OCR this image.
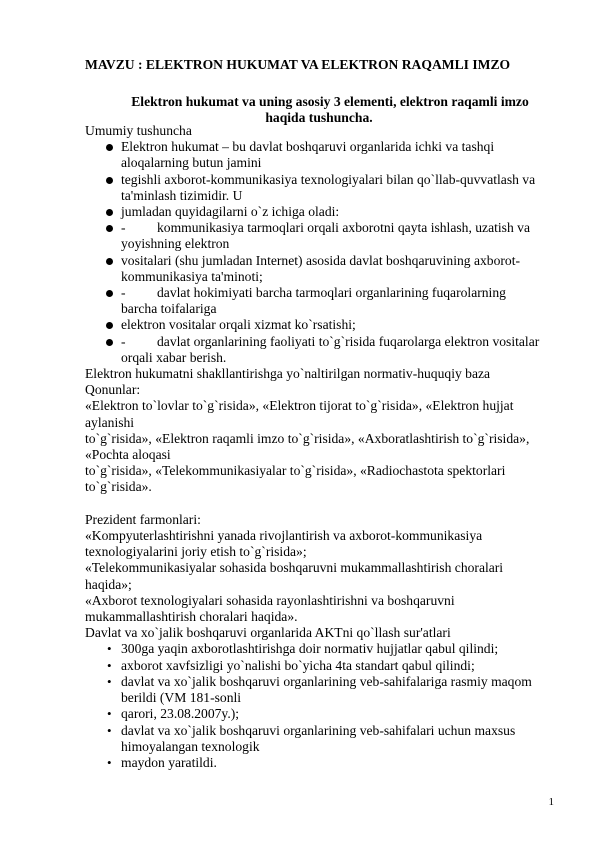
MAVZU : ELEKTRON HUKUMAT VA ELEKTRON RAQAMLI IMZO
Elektron hukumat va uning asosiy 3 elementi, elektron raqamli imzo
haqida tushuncha.
Umumiy tushuncha
Elektron hukumat – bu davlat boshqaruvi organlarida ichki va tashqi
aloqalarning butun jamini
tegishli axborot-kommunikasiya texnologiyalari bilan qo`llab-quvvatlash va
ta'minlash tizimidir. U
jumladan quyidagilarni o`z ichiga oladi:
- kommunikasiya tarmoqlari orqali axborotni qayta ishlash, uzatish va
yoyishning elektron
vositalari (shu jumladan Internet) asosida davlat boshqaruvining axborot-
kommunikasiya ta'minoti;
- davlat hokimiyati barcha tarmoqlari organlarining fuqarolarning
barcha toifalariga
elektron vositalar orqali xizmat ko`rsatishi;
- davlat organlarining faoliyati to`g`risida fuqarolarga elektron vositalar
orqali xabar berish.
Elektron hukumatni shakllantirishga yo`naltirilgan normativ-huquqiy baza
Qonunlar:
«Elektron to`lovlar to`g`risida», «Elektron tijorat to`g`risida», «Elektron hujjat
aylanishi
to`g`risida», «Elektron raqamli imzo to`g`risida», «Axboratlashtirish to`g`risida»,
«Pochta aloqasi
to`g`risida», «Telekommunikasiyalar to`g`risida», «Radiochastota spektorlari
to`g`risida».
Prezident farmonlari:
«Kompyuterlashtirishni yanada rivojlantirish va axborot-kommunikasiya
texnologiyalarini joriy etish to`g`risida»;
«Telekommunikasiyalar sohasida boshqaruvni mukammallashtirish choralari
haqida»;
«Axborot texnologiyalari sohasida rayonlashtirishni va boshqaruvni
mukammallashtirish choralari haqida».
Davlat va xo`jalik boshqaruvi organlarida AKTni qo`llash sur'atlari
• 300ga yaqin axborotlashtirishga doir normativ hujjatlar qabul qilindi;
• axborot xavfsizligi yo`nalishi bo`yicha 4ta standart qabul qilindi;
• davlat va xo`jalik boshqaruvi organlarining veb-sahifalariga rasmiy maqom
berildi (VM 181-sonli
• qarori, 23.08.2007y.);
• davlat va xo`jalik boshqaruvi organlarining veb-sahifalari uchun maxsus
himoyalangan texnologik
• maydon yaratildi.
1
